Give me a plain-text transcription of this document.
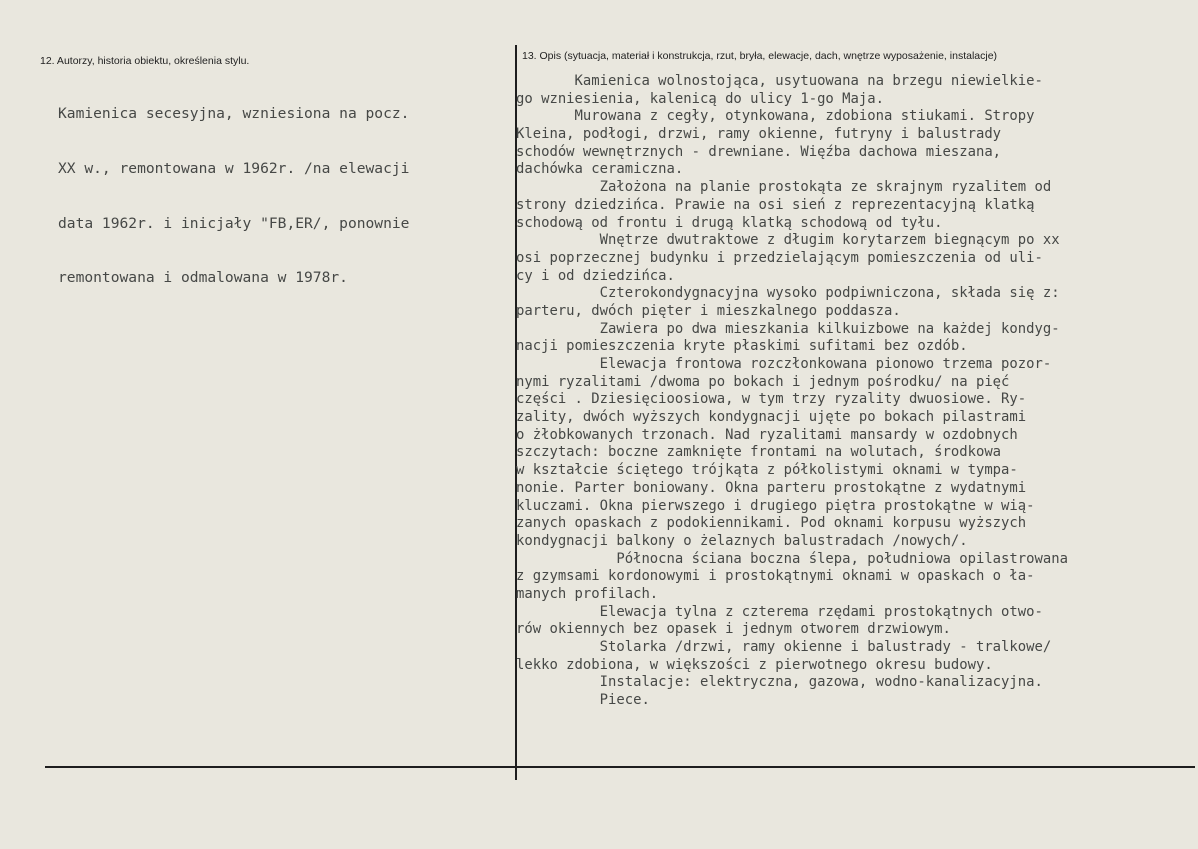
12. Autorzy, historia obiektu, określenia stylu.

Kamienica secesyjna, wzniesiona na pocz.

XX w., remontowana w 1962r. /na elewacji

data 1962r. i inicjały "FB,ER/, ponownie

remontowana i odmalowana w 1978r.

13. Opis (sytuacja, materiał i konstrukcja, rzut, bryła, elewacje, dach, wnętrze wyposażenie, instalacje)
Kamienica wolnostojąca, usytuowana na brzegu niewielkie-
go wzniesienia, kalenicą do ulicy 1-go Maja.
Murowana z cegły, otynkowana, zdobiona stiukami. Stropy
Kleina, podłogi, drzwi, ramy okienne, futryny i balustrady
schodów wewnętrznych - drewniane. Więźba dachowa mieszana,
dachówka ceramiczna.
Założona na planie prostokąta ze skrajnym ryzalitem od
strony dziedzińca. Prawie na osi sień z reprezentacyjną klatką
schodową od frontu i drugą klatką schodową od tyłu.
Wnętrze dwutraktowe z długim korytarzem biegnącym po xx
osi poprzecznej budynku i przedzielającym pomieszczenia od uli-
cy i od dziedzińca.
Czterokondygnacyjna wysoko podpiwniczona, składa się z:
parteru, dwóch pięter i mieszkalnego poddasza.
Zawiera po dwa mieszkania kilkuizbowe na każdej kondyg-
nacji pomieszczenia kryte płaskimi sufitami bez ozdób.
Elewacja frontowa rozczłonkowana pionowo trzema pozor-
nymi ryzalitami /dwoma po bokach i jednym pośrodku/ na pięć
części . Dziesięcioosiowa, w tym trzy ryzality dwuosiowe. Ry-
zality, dwóch wyższych kondygnacji ujęte po bokach pilastrami
o żłobkowanych trzonach. Nad ryzalitami mansardy w ozdobnych
szczytach: boczne zamknięte frontami na wolutach, środkowa
w kształcie ściętego trójkąta z półkolistymi oknami w tympa-
nonie. Parter boniowany. Okna parteru prostokątne z wydatnymi
kluczami. Okna pierwszego i drugiego piętra prostokątne w wią-
zanych opaskach z podokiennikami. Pod oknami korpusu wyższych
kondygnacji balkony o żelaznych balustradach /nowych/.
Północna ściana boczna ślepa, południowa opilastrowana
z gzymsami kordonowymi i prostokątnymi oknami w opaskach o ła-
manych profilach.
Elewacja tylna z czterema rzędami prostokątnych otwo-
rów okiennych bez opasek i jednym otworem drzwiowym.
Stolarka /drzwi, ramy okienne i balustrady - tralkowe/
lekko zdobiona, w większości z pierwotnego okresu budowy.
Instalacje: elektryczna, gazowa, wodno-kanalizacyjna.
Piece.
